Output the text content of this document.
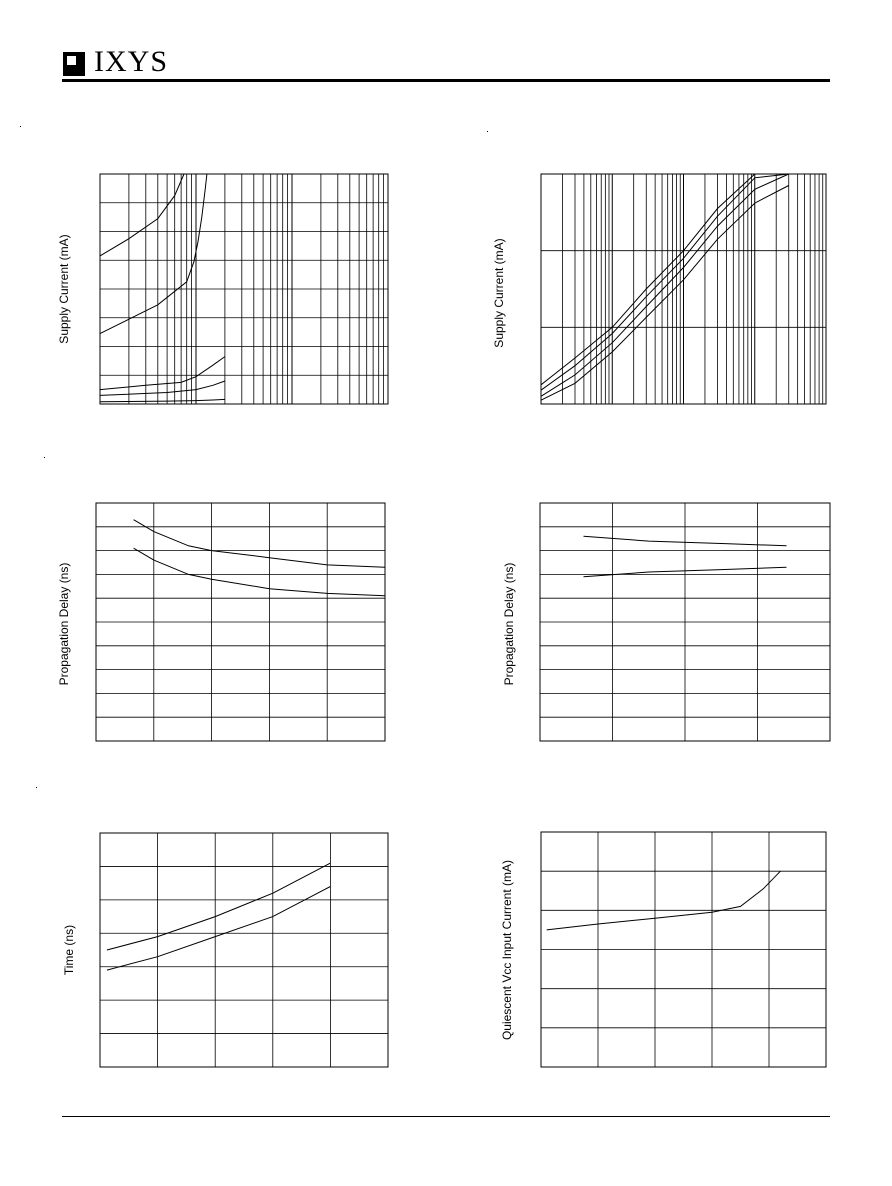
IXYS
Supply Current (mA)	Supply Current (mA)
Propagation Delay (ns)	Propagation Delay (ns)
Time (ns)	Quiescent Vcc Input Current (mA)
